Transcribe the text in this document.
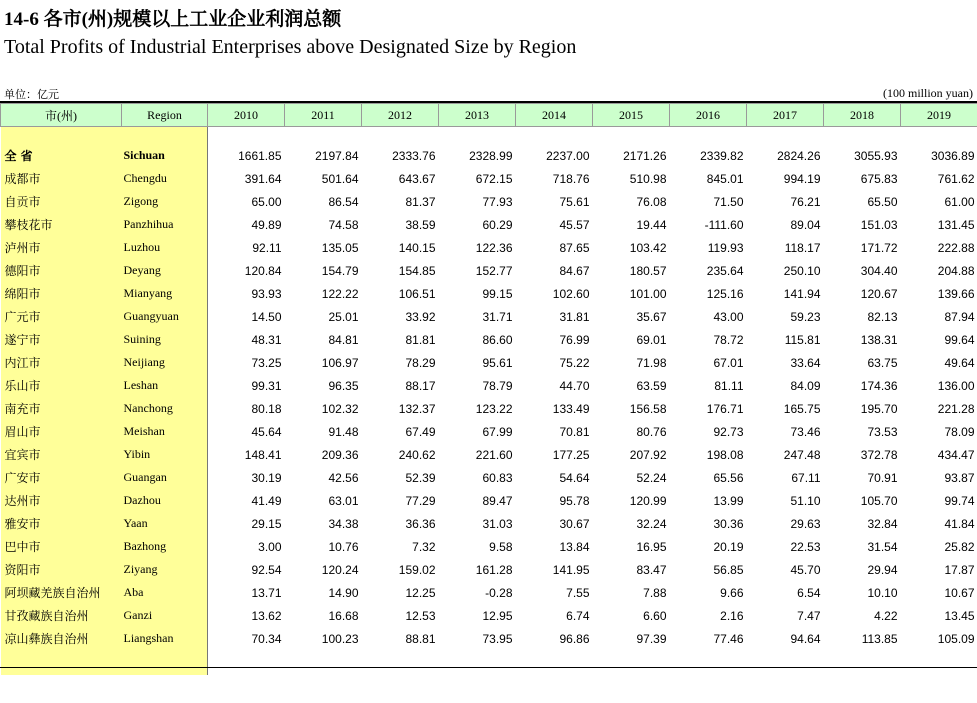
14-6 各市(州)规模以上工业企业利润总额
Total Profits of Industrial Enterprises above Designated Size by Region
单位：亿元	(100 million yuan)
市(州)	Region	2010	2011	2012	2013	2014	2015	2016	2017	2018	2019

全 省	Sichuan	1661.85	2197.84	2333.76	2328.99	2237.00	2171.26	2339.82	2824.26	3055.93	3036.89
成都市	Chengdu	391.64	501.64	643.67	672.15	718.76	510.98	845.01	994.19	675.83	761.62
自贡市	Zigong	65.00	86.54	81.37	77.93	75.61	76.08	71.50	76.21	65.50	61.00
攀枝花市	Panzhihua	49.89	74.58	38.59	60.29	45.57	19.44	-111.60	89.04	151.03	131.45
泸州市	Luzhou	92.11	135.05	140.15	122.36	87.65	103.42	119.93	118.17	171.72	222.88
德阳市	Deyang	120.84	154.79	154.85	152.77	84.67	180.57	235.64	250.10	304.40	204.88
绵阳市	Mianyang	93.93	122.22	106.51	99.15	102.60	101.00	125.16	141.94	120.67	139.66
广元市	Guangyuan	14.50	25.01	33.92	31.71	31.81	35.67	43.00	59.23	82.13	87.94
遂宁市	Suining	48.31	84.81	81.81	86.60	76.99	69.01	78.72	115.81	138.31	99.64
内江市	Neijiang	73.25	106.97	78.29	95.61	75.22	71.98	67.01	33.64	63.75	49.64
乐山市	Leshan	99.31	96.35	88.17	78.79	44.70	63.59	81.11	84.09	174.36	136.00
南充市	Nanchong	80.18	102.32	132.37	123.22	133.49	156.58	176.71	165.75	195.70	221.28
眉山市	Meishan	45.64	91.48	67.49	67.99	70.81	80.76	92.73	73.46	73.53	78.09
宜宾市	Yibin	148.41	209.36	240.62	221.60	177.25	207.92	198.08	247.48	372.78	434.47
广安市	Guangan	30.19	42.56	52.39	60.83	54.64	52.24	65.56	67.11	70.91	93.87
达州市	Dazhou	41.49	63.01	77.29	89.47	95.78	120.99	13.99	51.10	105.70	99.74
雅安市	Yaan	29.15	34.38	36.36	31.03	30.67	32.24	30.36	29.63	32.84	41.84
巴中市	Bazhong	3.00	10.76	7.32	9.58	13.84	16.95	20.19	22.53	31.54	25.82
资阳市	Ziyang	92.54	120.24	159.02	161.28	141.95	83.47	56.85	45.70	29.94	17.87
阿坝藏羌族自治州	Aba	13.71	14.90	12.25	-0.28	7.55	7.88	9.66	6.54	10.10	10.67
甘孜藏族自治州	Ganzi	13.62	16.68	12.53	12.95	6.74	6.60	2.16	7.47	4.22	13.45
凉山彝族自治州	Liangshan	70.34	100.23	88.81	73.95	96.86	97.39	77.46	94.64	113.85	105.09
